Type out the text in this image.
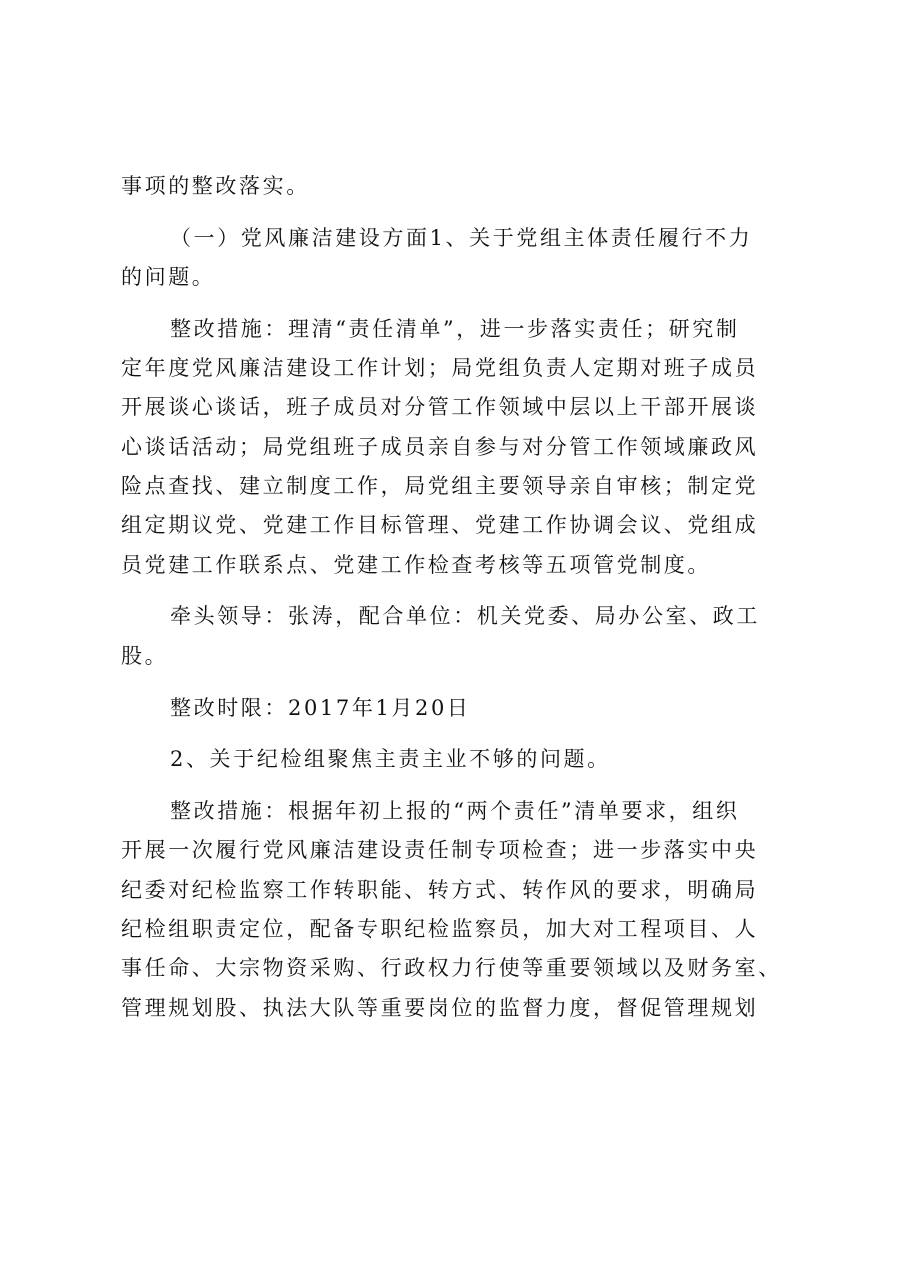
事项的整改落实。
（一）党风廉洁建设方面1、关于党组主体责任履行不力
的问题。
整改措施：理清“责任清单”，进一步落实责任；研究制
定年度党风廉洁建设工作计划；局党组负责人定期对班子成员
开展谈心谈话，班子成员对分管工作领域中层以上干部开展谈
心谈话活动；局党组班子成员亲自参与对分管工作领域廉政风
险点查找、建立制度工作，局党组主要领导亲自审核；制定党
组定期议党、党建工作目标管理、党建工作协调会议、党组成
员党建工作联系点、党建工作检查考核等五项管党制度。
牵头领导：张涛，配合单位：机关党委、局办公室、政工
股。
整改时限：2017年1月20日
2、关于纪检组聚焦主责主业不够的问题。
整改措施：根据年初上报的“两个责任”清单要求，组织
开展一次履行党风廉洁建设责任制专项检查；进一步落实中央
纪委对纪检监察工作转职能、转方式、转作风的要求，明确局
纪检组职责定位，配备专职纪检监察员，加大对工程项目、人
事任命、大宗物资采购、行政权力行使等重要领域以及财务室、
管理规划股、执法大队等重要岗位的监督力度，督促管理规划
